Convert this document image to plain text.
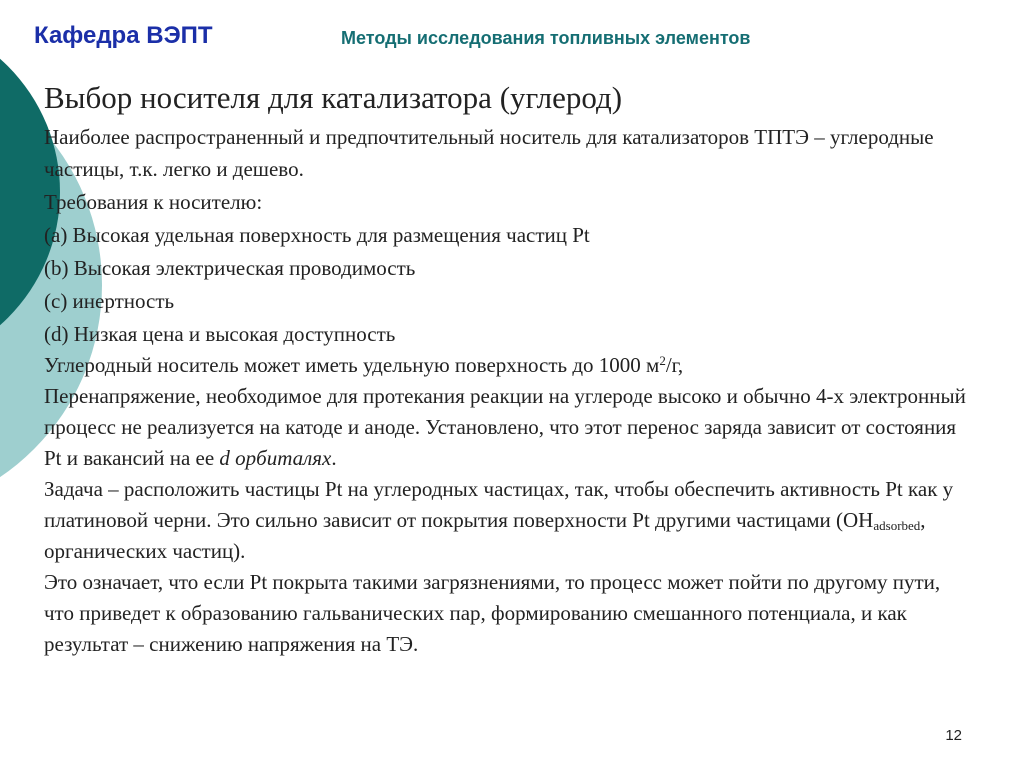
Кафедра ВЭПТ	Методы исследования топливных элементов
Выбор носителя для катализатора (углерод)

Наиболее распространенный и предпочтительный носитель для катализаторов ТПТЭ – углеродные частицы, т.к. легко и дешево.

Требования к носителю:

(a) Высокая удельная поверхность для размещения частиц Pt

(b) Высокая электрическая проводимость

(c) инертность

(d) Низкая цена и высокая доступность

Углеродный носитель может иметь удельную поверхность до 1000 $м^2/г$,

Перенапряжение, необходимое для протекания реакции на углероде высоко и обычно 4-х электронный процесс не реализуется на катоде и аноде. Установлено, что этот перенос заряда зависит от состояния Pt и вакансий на ее d орбиталях.

Задача – расположить частицы Pt на углеродных частицах, так, чтобы обеспечить активность Pt как у платиновой черни. Это сильно зависит от покрытия поверхности Pt другими частицами ($OH_{adsorbed}$, органических частиц).

Это означает, что если Pt покрыта такими загрязнениями, то процесс может пойти по другому пути, что приведет к образованию гальванических пар, формированию смешанного потенциала, и как результат – снижению напряжения на ТЭ.

12
